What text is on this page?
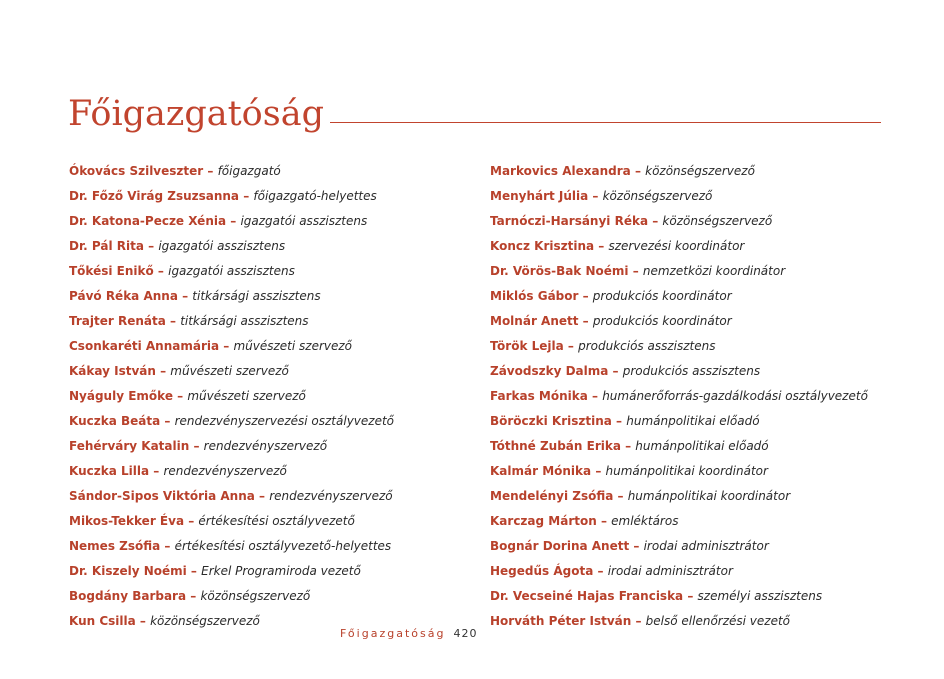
Főigazgatóság
Ókovács Szilveszter – főigazgató
Dr. Főző Virág Zsuzsanna – főigazgató-helyettes
Dr. Katona-Pecze Xénia – igazgatói asszisztens
Dr. Pál Rita – igazgatói asszisztens
Tőkési Enikő – igazgatói asszisztens
Pávó Réka Anna – titkársági asszisztens
Trajter Renáta – titkársági asszisztens
Csonkaréti Annamária – művészeti szervező
Kákay István – művészeti szervező
Nyáguly Emőke – művészeti szervező
Kuczka Beáta – rendezvényszervezési osztályvezető
Fehérváry Katalin – rendezvényszervező
Kuczka Lilla – rendezvényszervező
Sándor-Sipos Viktória Anna – rendezvényszervező
Mikos-Tekker Éva – értékesítési osztályvezető
Nemes Zsófia – értékesítési osztályvezető-helyettes
Dr. Kiszely Noémi – Erkel Programiroda vezető
Bogdány Barbara – közönségszervező
Kun Csilla – közönségszervező
Markovics Alexandra – közönségszervező
Menyhárt Júlia – közönségszervező
Tarnóczi-Harsányi Réka – közönségszervező
Koncz Krisztina – szervezési koordinátor
Dr. Vörös-Bak Noémi – nemzetközi koordinátor
Miklós Gábor – produkciós koordinátor
Molnár Anett – produkciós koordinátor
Török Lejla – produkciós asszisztens
Závodszky Dalma – produkciós asszisztens
Farkas Mónika – humánerőforrás-gazdálkodási osztályvezető
Böröczki Krisztina – humánpolitikai előadó
Tóthné Zubán Erika – humánpolitikai előadó
Kalmár Mónika – humánpolitikai koordinátor
Mendelényi Zsófia – humánpolitikai koordinátor
Karczag Márton – emléktáros
Bognár Dorina Anett – irodai adminisztrátor
Hegedűs Ágota – irodai adminisztrátor
Dr. Vecseiné Hajas Franciska – személyi asszisztens
Horváth Péter István – belső ellenőrzési vezető
Főigazgatóság 420
